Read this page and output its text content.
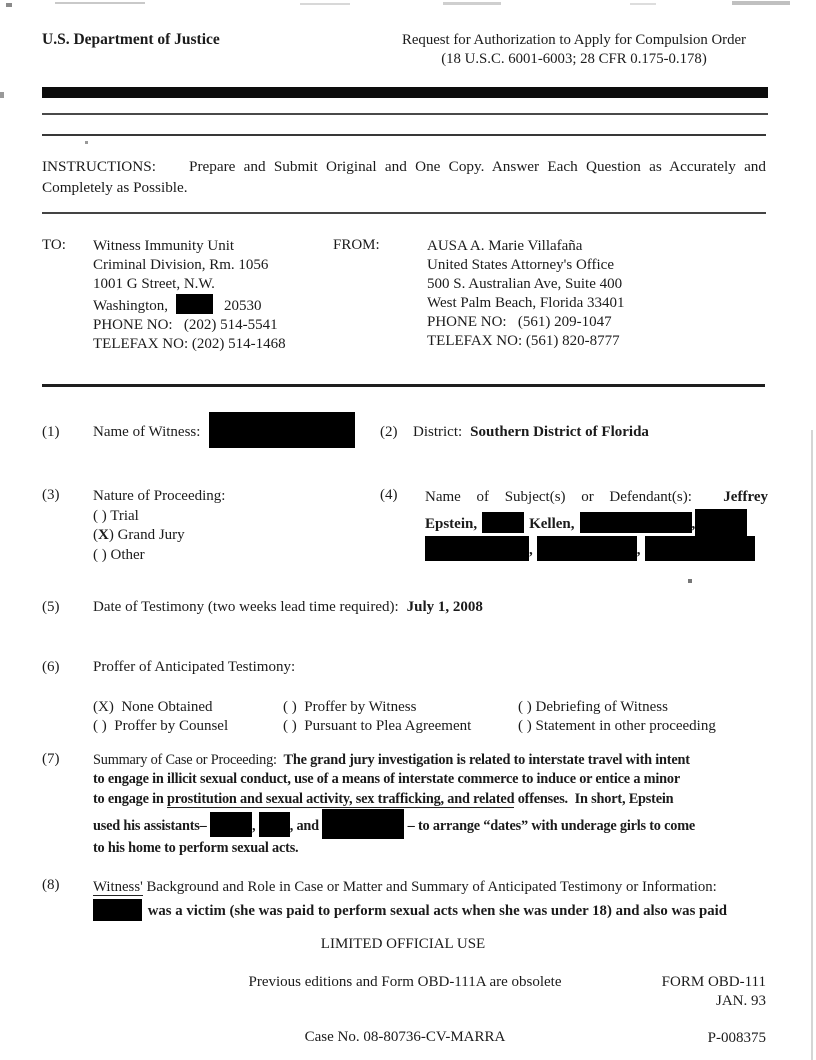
U.S. Department of Justice	Request for Authorization to Apply for Compulsion Order
(18 U.S.C. 6001-6003; 28 CFR 0.175-0.178)
INSTRUCTIONS:    Prepare and Submit Original and One Copy. Answer Each Question as Accurately and
Completely as Possible.
TO: Witness Immunity Unit
Criminal Division, Rm. 1056
1001 G Street, N.W.
Washington,	20530
PHONE NO:   (202) 514-5541
TELEFAX NO: (202) 514-1468
FROM:	AUSA A. Marie Villafaña
United States Attorney's Office
500 S. Australian Ave, Suite 400
West Palm Beach, Florida 33401
PHONE NO:   (561) 209-1047
TELEFAX NO: (561) 820-8777
(1) Name of Witness:	(2) District: Southern District of Florida
(3) Nature of Proceeding:
( ) Trial
(X) Grand Jury
( ) Other
(4) Name of Subject(s) or Defendant(s):  Jeffrey
Epstein,	Kellen,	,
,	,
(5) Date of Testimony (two weeks lead time required): July 1, 2008
(6) Proffer of Anticipated Testimony:
(X)  None Obtained	( )  Proffer by Witness	( ) Debriefing of Witness
( )  Proffer by Counsel	( )  Pursuant to Plea Agreement	( ) Statement in other proceeding
(7) Summary of Case or Proceeding:  The grand jury investigation is related to interstate travel with intent
to engage in illicit sexual conduct, use of a means of interstate commerce to induce or entice a minor
to engage in prostitution and sexual activity, sex trafficking, and related offenses.  In short, Epstein
used his assistants–	, , and	– to arrange “dates” with underage girls to come
to his home to perform sexual acts.
(8) Witness' Background and Role in Case or Matter and Summary of Anticipated Testimony or Information:
was a victim (she was paid to perform sexual acts when she was under 18) and also was paid
LIMITED OFFICIAL USE
Previous editions and Form OBD-111A are obsolete	FORM OBD-111
JAN. 93
Case No. 08-80736-CV-MARRA	P-008375
